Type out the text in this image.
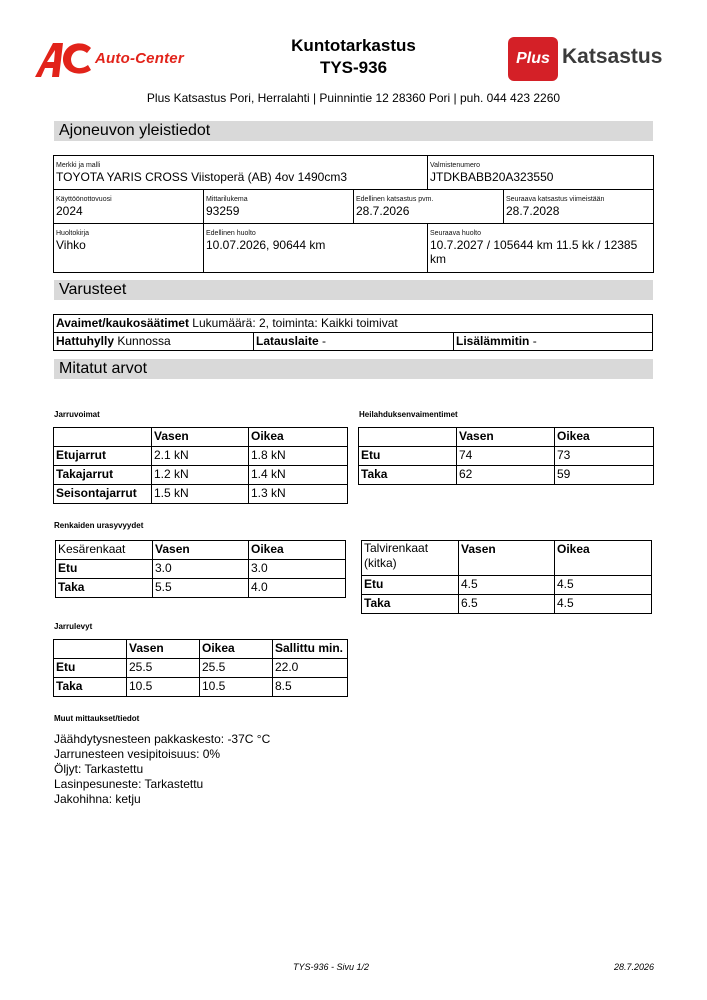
Auto-Center
Kuntotarkastus
TYS-936	Plus Katsastus
Plus Katsastus Pori, Herralahti | Puinnintie 12 28360 Pori | puh. 044 423 2260
Ajoneuvon yleistiedot
Merkki ja malli
TOYOTA YARIS CROSS Viistoperä (AB) 4ov 1490cm3
Valmistenumero
JTDKBABB20A323550
Käyttöönottovuosi
2024
Mittarilukema
93259
Edellinen katsastus pvm.
28.7.2026
Seuraava katsastus viimeistään
28.7.2028
Huoltokirja
Vihko
Edellinen huolto
10.07.2026, 90644 km
Seuraava huolto
10.7.2027 / 105644 km 11.5 kk / 12385
km
Varusteet
Avaimet/kaukosäätimet Lukumäärä: 2, toiminta: Kaikki toimivat
Hattuhylly Kunnossa	Latauslaite -	Lisälämmitin -
Mitatut arvot
Jarruvoimat
	Vasen	Oikea
Etujarrut	2.1 kN	1.8 kN
Takajarrut	1.2 kN	1.4 kN
Seisontajarrut	1.5 kN	1.3 kN
Heilahduksenvaimentimet
	Vasen	Oikea
Etu	74	73
Taka	62	59
Renkaiden urasyvyydet
Kesärenkaat	Vasen	Oikea
Etu	3.0	3.0
Taka	5.5	4.0
Talvirenkaat
(kitka)	Vasen	Oikea
Etu	4.5	4.5
Taka	6.5	4.5
Jarrulevyt
	Vasen	Oikea	Sallittu min.
Etu	25.5	25.5	22.0
Taka	10.5	10.5	8.5
Muut mittaukset/tiedot
Jäähdytysnesteen pakkaskesto: -37C °C
Jarrunesteen vesipitoisuus: 0%
Öljyt: Tarkastettu
Lasinpesuneste: Tarkastettu
Jakohihna: ketju
TYS-936 - Sivu 1/2	28.7.2026
